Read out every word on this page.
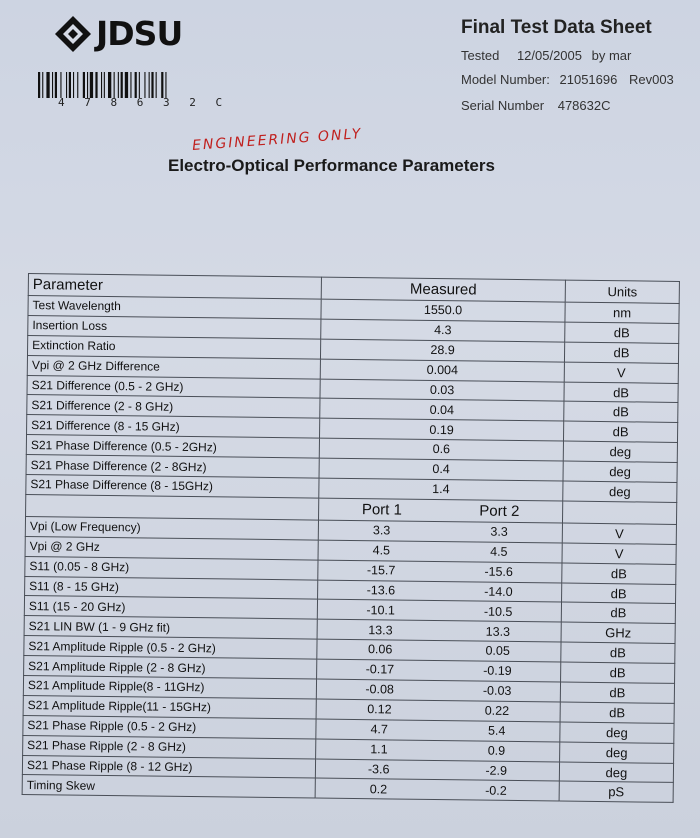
JDSU
4 7 8 6 3 2 C
Final Test Data Sheet
Tested 12/05/2005 by mar
Model Number: 21051696 Rev003
Serial Number 478632C
ENGINEERING ONLY
Electro-Optical Performance Parameters
Parameter	Measured	Units
Test Wavelength	1550.0	nm
Insertion Loss	4.3	dB
Extinction Ratio	28.9	dB
Vpi @ 2 GHz Difference	0.004	V
S21 Difference (0.5 - 2 GHz)	0.03	dB
S21 Difference (2 - 8 GHz)	0.04	dB
S21 Difference (8 - 15 GHz)	0.19	dB
S21 Phase Difference (0.5 - 2GHz)	0.6	deg
S21 Phase Difference (2 - 8GHz)	0.4	deg
S21 Phase Difference (8 - 15GHz)	1.4	deg

	Port 1 Port 2	

Vpi (Low Frequency)	3.3 3.3	V
Vpi @ 2 GHz	4.5 4.5	V
S11 (0.05 - 8 GHz)	-15.7 -15.6	dB
S11 (8 - 15 GHz)	-13.6 -14.0	dB
S11 (15 - 20 GHz)	-10.1 -10.5	dB
S21 LIN BW (1 - 9 GHz fit)	13.3 13.3	GHz
S21 Amplitude Ripple (0.5 - 2 GHz)	0.06 0.05	dB
S21 Amplitude Ripple (2 - 8 GHz)	-0.17 -0.19	dB
S21 Amplitude Ripple(8 - 11GHz)	-0.08 -0.03	dB
S21 Amplitude Ripple(11 - 15GHz)	0.12 0.22	dB
S21 Phase Ripple (0.5 - 2 GHz)	4.7 5.4	deg
S21 Phase Ripple (2 - 8 GHz)	1.1 0.9	deg
S21 Phase Ripple (8 - 12 GHz)	-3.6 -2.9	deg
Timing Skew	0.2 -0.2	pS
